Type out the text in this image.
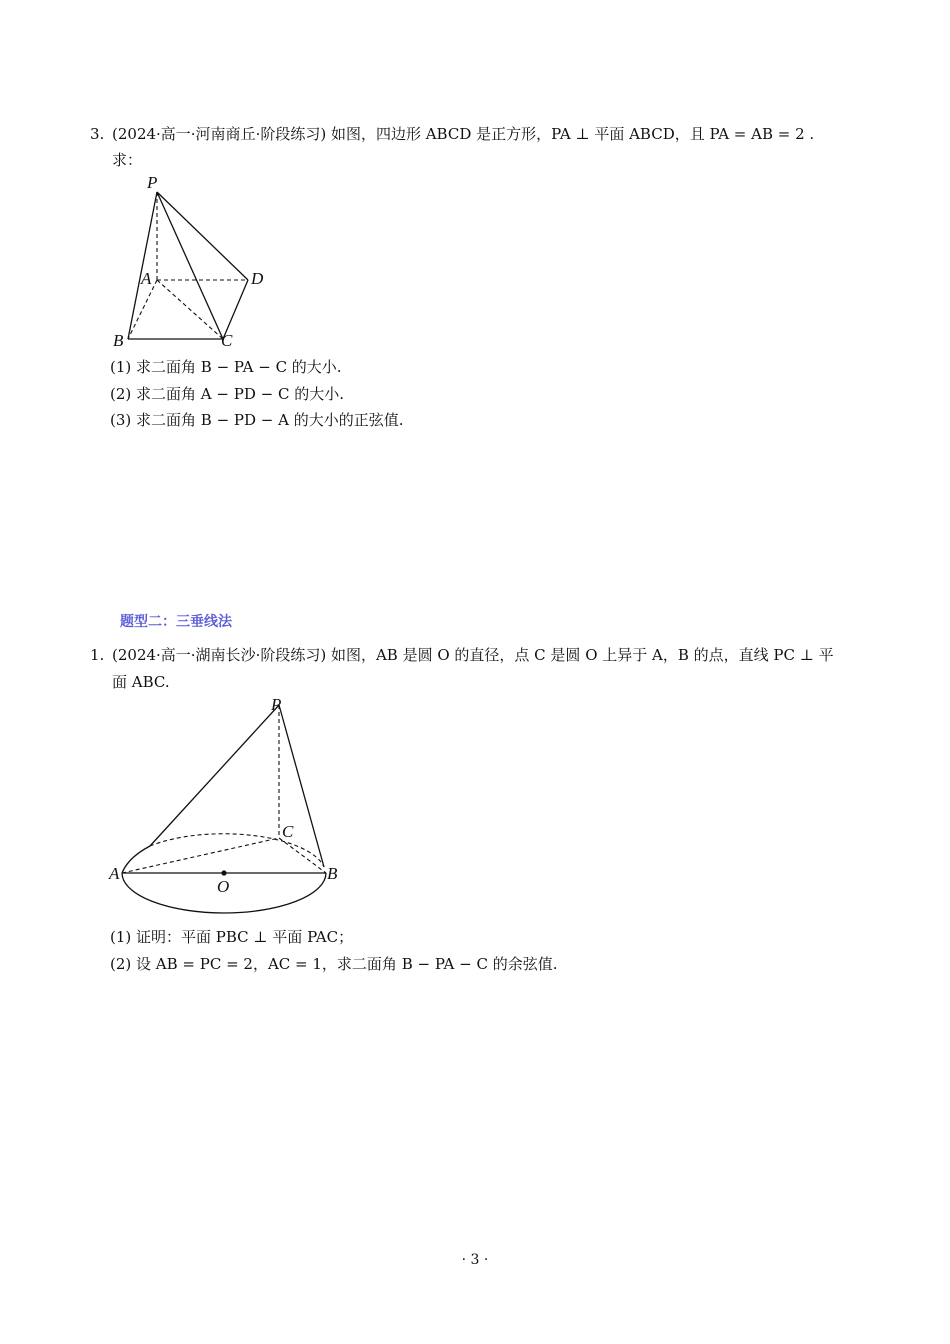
3. (2024·高一·河南商丘·阶段练习) 如图，四边形 ABCD 是正方形，PA ⊥ 平面 ABCD，且 PA = AB = 2 .
求：
P
A	D
B	C
(1) 求二面角 B − PA − C 的大小.
(2) 求二面角 A − PD − C 的大小.
(3) 求二面角 B − PD − A 的大小的正弦值.
题型二：三垂线法
1. (2024·高一·湖南长沙·阶段练习) 如图，AB 是圆 O 的直径，点 C 是圆 O 上异于 A，B 的点，直线 PC ⊥ 平
面 ABC.
P
C
A	B
O
(1) 证明：平面 PBC ⊥ 平面 PAC；
(2) 设 AB = PC = 2，AC = 1，求二面角 B − PA − C 的余弦值.
· 3 ·
